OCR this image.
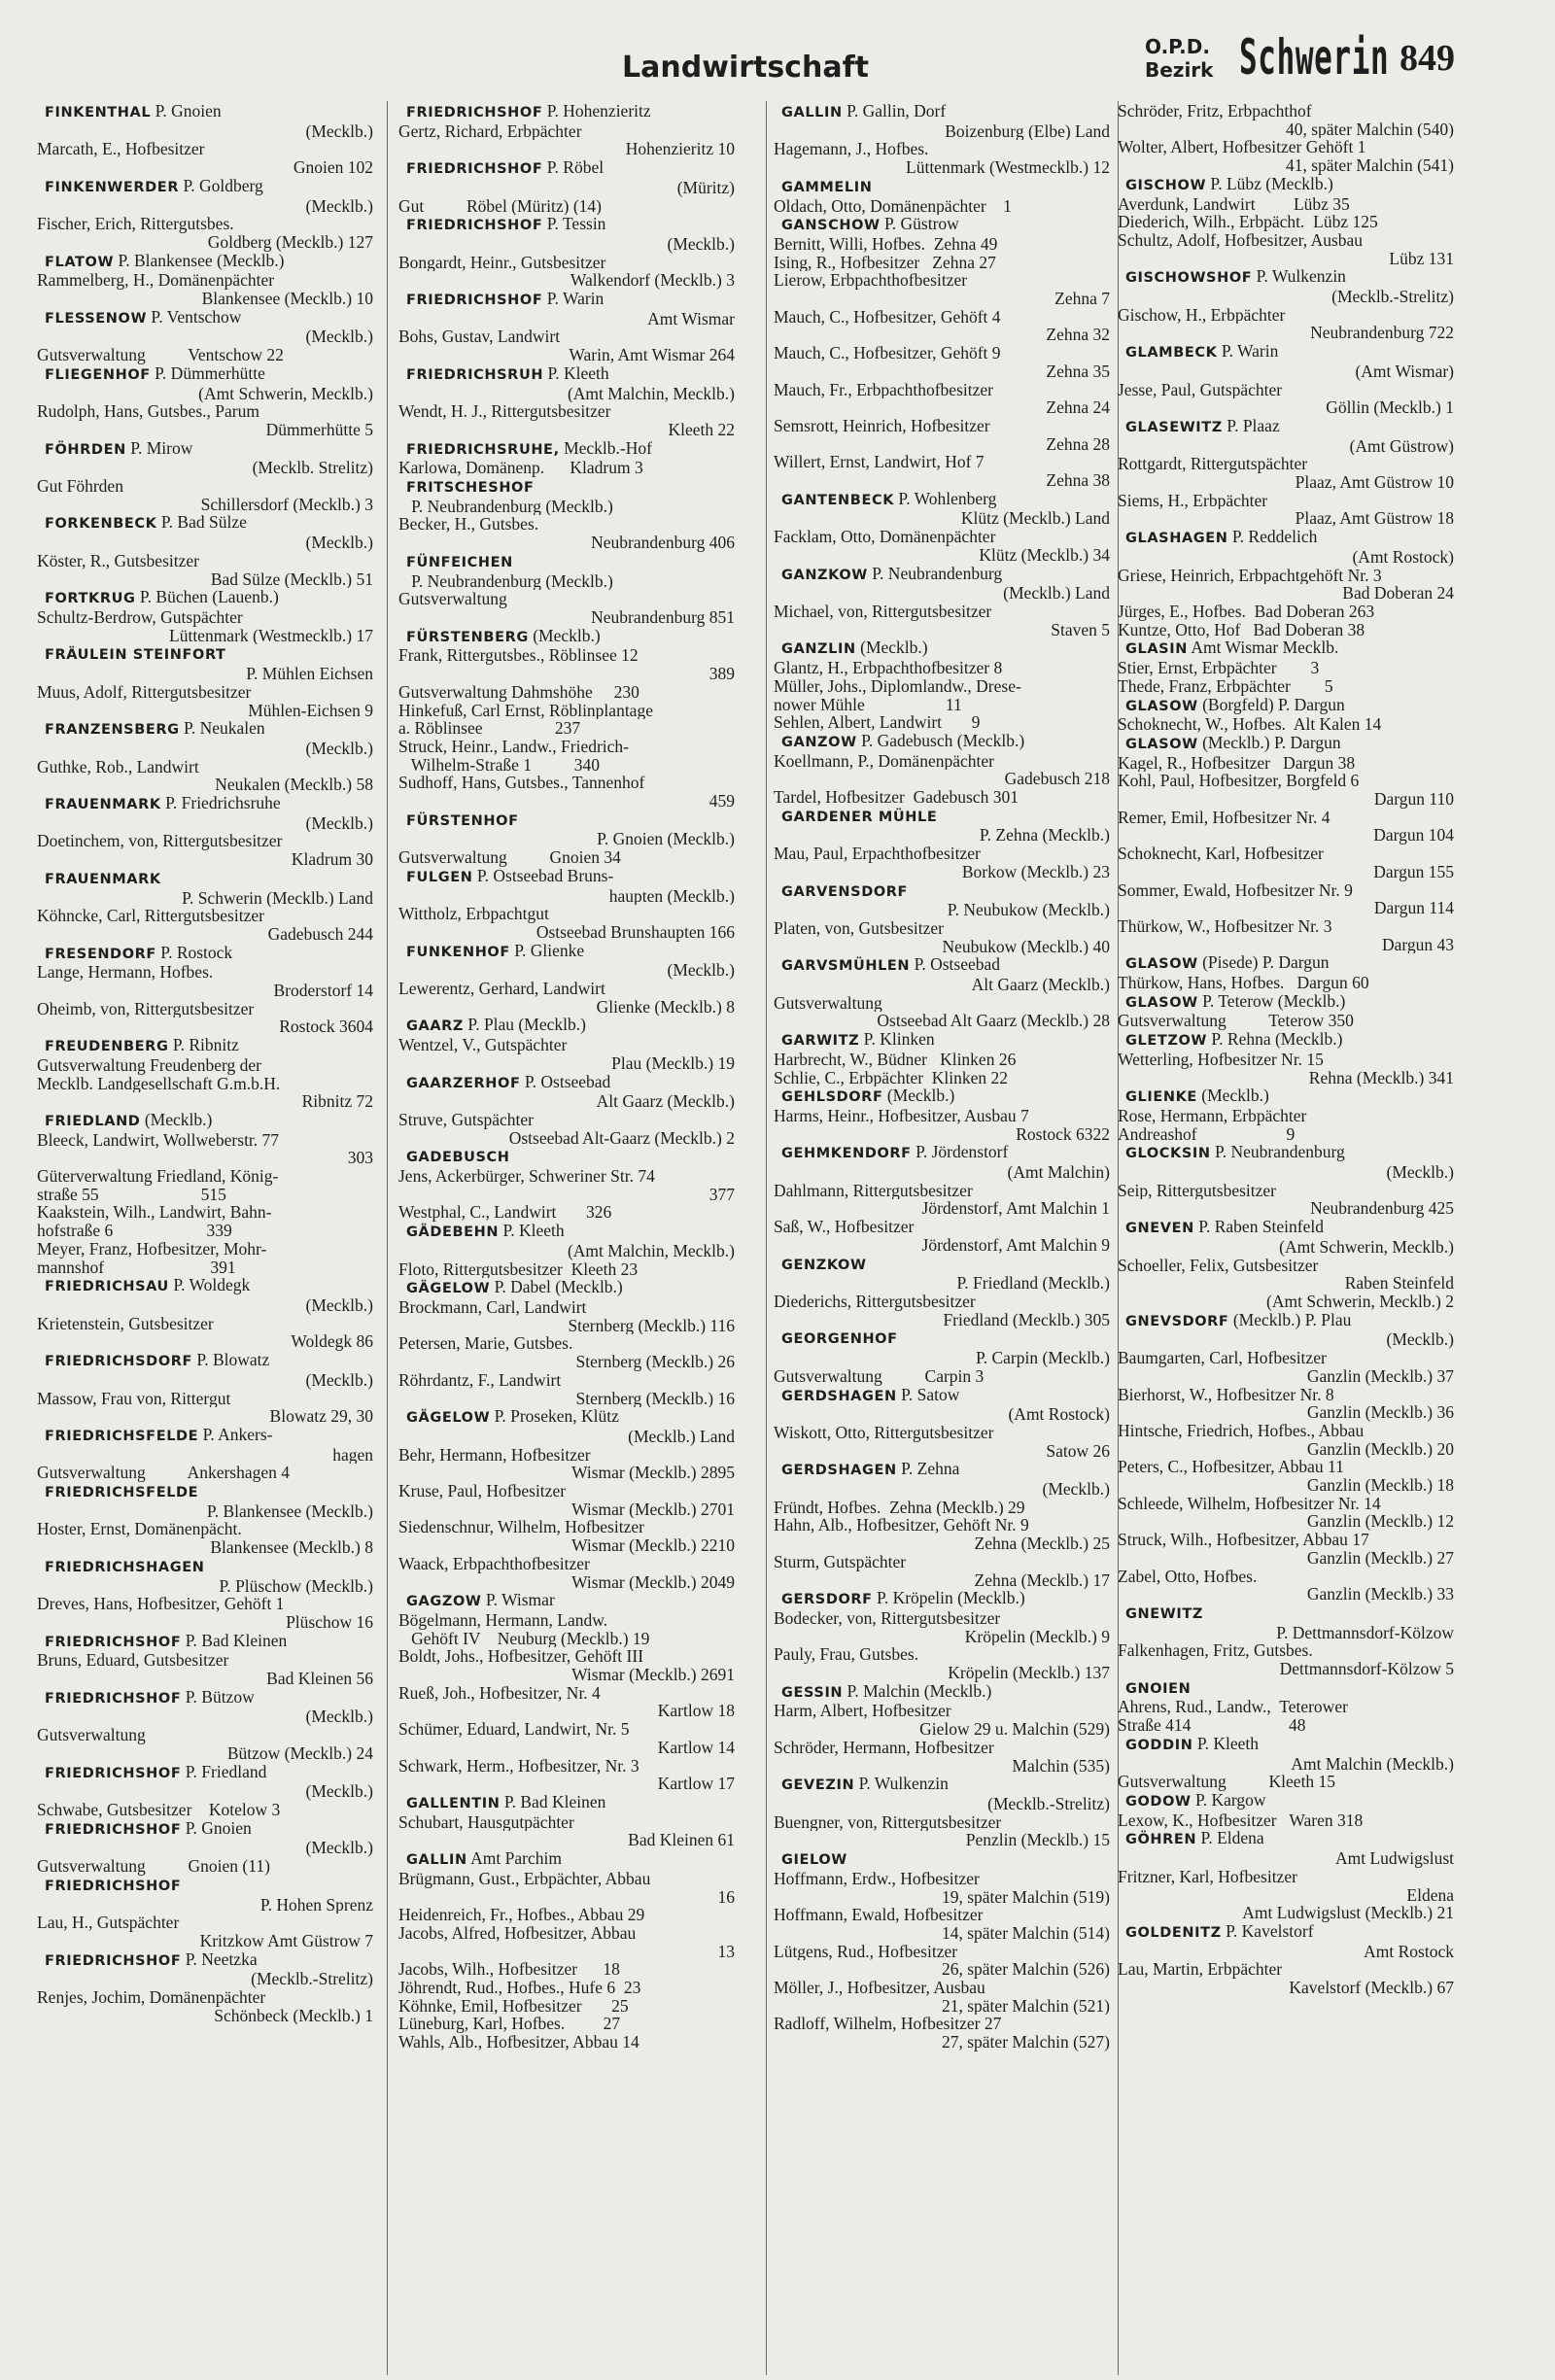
Landwirtschaft
O.P.D.
Bezirk Schwerin 849
FINKENTHAL P. Gnoien
(Mecklb.)
Marcath, E., Hofbesitzer
Gnoien 102
FINKENWERDER P. Goldberg
(Mecklb.)
Fischer, Erich, Rittergutsbes.
Goldberg (Mecklb.) 127
FLATOW P. Blankensee (Mecklb.)
Rammelberg, H., Domänenpächter
Blankensee (Mecklb.) 10
FLESSENOW P. Ventschow
(Mecklb.)
Gutsverwaltung          Ventschow 22
FLIEGENHOF P. Dümmerhütte
(Amt Schwerin, Mecklb.)
Rudolph, Hans, Gutsbes., Parum
Dümmerhütte 5
FÖHRDEN P. Mirow
(Mecklb. Strelitz)
Gut Föhrden
Schillersdorf (Mecklb.) 3
FORKENBECK P. Bad Sülze
(Mecklb.)
Köster, R., Gutsbesitzer
Bad Sülze (Mecklb.) 51
FORTKRUG P. Büchen (Lauenb.)
Schultz-Berdrow, Gutspächter
Lüttenmark (Westmecklb.) 17
FRÄULEIN STEINFORT
P. Mühlen Eichsen
Muus, Adolf, Rittergutsbesitzer
Mühlen-Eichsen 9
FRANZENSBERG P. Neukalen
(Mecklb.)
Guthke, Rob., Landwirt
Neukalen (Mecklb.) 58
FRAUENMARK P. Friedrichsruhe
(Mecklb.)
Doetinchem, von, Rittergutsbesitzer
Kladrum 30
FRAUENMARK
P. Schwerin (Mecklb.) Land
Köhncke, Carl, Rittergutsbesitzer
Gadebusch 244
FRESENDORF P. Rostock
Lange, Hermann, Hofbes.
Broderstorf 14
Oheimb, von, Rittergutsbesitzer
Rostock 3604
FREUDENBERG P. Ribnitz
Gutsverwaltung Freudenberg der
Mecklb. Landgesellschaft G.m.b.H.
Ribnitz 72
FRIEDLAND (Mecklb.)
Bleeck, Landwirt, Wollweberstr. 77
303
Güterverwaltung Friedland, König-
straße 55                        515
Kaakstein, Wilh., Landwirt, Bahn-
hofstraße 6                      339
Meyer, Franz, Hofbesitzer, Mohr-
mannshof                         391
FRIEDRICHSAU P. Woldegk
(Mecklb.)
Krietenstein, Gutsbesitzer
Woldegk 86
FRIEDRICHSDORF P. Blowatz
(Mecklb.)
Massow, Frau von, Rittergut
Blowatz 29, 30
FRIEDRICHSFELDE P. Ankers-
hagen
Gutsverwaltung          Ankershagen 4
FRIEDRICHSFELDE
P. Blankensee (Mecklb.)
Hoster, Ernst, Domänenpächt.
Blankensee (Mecklb.) 8
FRIEDRICHSHAGEN
P. Plüschow (Mecklb.)
Dreves, Hans, Hofbesitzer, Gehöft 1
Plüschow 16
FRIEDRICHSHOF P. Bad Kleinen
Bruns, Eduard, Gutsbesitzer
Bad Kleinen 56
FRIEDRICHSHOF P. Bützow
(Mecklb.)
Gutsverwaltung
Bützow (Mecklb.) 24
FRIEDRICHSHOF P. Friedland
(Mecklb.)
Schwabe, Gutsbesitzer    Kotelow 3
FRIEDRICHSHOF P. Gnoien
(Mecklb.)
Gutsverwaltung          Gnoien (11)
FRIEDRICHSHOF
P. Hohen Sprenz
Lau, H., Gutspächter
Kritzkow Amt Güstrow 7
FRIEDRICHSHOF P. Neetzka
(Mecklb.-Strelitz)
Renjes, Jochim, Domänenpächter
Schönbeck (Mecklb.) 1
FRIEDRICHSHOF P. Hohenzieritz
Gertz, Richard, Erbpächter
Hohenzieritz 10
FRIEDRICHSHOF P. Röbel
(Müritz)
Gut          Röbel (Müritz) (14)
FRIEDRICHSHOF P. Tessin
(Mecklb.)
Bongardt, Heinr., Gutsbesitzer
Walkendorf (Mecklb.) 3
FRIEDRICHSHOF P. Warin
Amt Wismar
Bohs, Gustav, Landwirt
Warin, Amt Wismar 264
FRIEDRICHSRUH P. Kleeth
(Amt Malchin, Mecklb.)
Wendt, H. J., Rittergutsbesitzer
Kleeth 22
FRIEDRICHSRUHE, Mecklb.-Hof
Karlowa, Domänenp.      Kladrum 3
FRITSCHESHOF
P. Neubrandenburg (Mecklb.)
Becker, H., Gutsbes.
Neubrandenburg 406
FÜNFEICHEN
P. Neubrandenburg (Mecklb.)
Gutsverwaltung
Neubrandenburg 851
FÜRSTENBERG (Mecklb.)
Frank, Rittergutsbes., Röblinsee 12
389
Gutsverwaltung Dahmshöhe     230
Hinkefuß, Carl Ernst, Röblinplantage
a. Röblinsee                 237
Struck, Heinr., Landw., Friedrich-
Wilhelm-Straße 1          340
Sudhoff, Hans, Gutsbes., Tannenhof
459
FÜRSTENHOF
P. Gnoien (Mecklb.)
Gutsverwaltung          Gnoien 34
FULGEN P. Ostseebad Bruns-
haupten (Mecklb.)
Wittholz, Erbpachtgut
Ostseebad Brunshaupten 166
FUNKENHOF P. Glienke
(Mecklb.)
Lewerentz, Gerhard, Landwirt
Glienke (Mecklb.) 8
GAARZ P. Plau (Mecklb.)
Wentzel, V., Gutspächter
Plau (Mecklb.) 19
GAARZERHOF P. Ostseebad
Alt Gaarz (Mecklb.)
Struve, Gutspächter
Ostseebad Alt-Gaarz (Mecklb.) 2
GADEBUSCH
Jens, Ackerbürger, Schweriner Str. 74
377
Westphal, C., Landwirt       326
GÄDEBEHN P. Kleeth
(Amt Malchin, Mecklb.)
Floto, Rittergutsbesitzer  Kleeth 23
GÄGELOW P. Dabel (Mecklb.)
Brockmann, Carl, Landwirt
Sternberg (Mecklb.) 116
Petersen, Marie, Gutsbes.
Sternberg (Mecklb.) 26
Röhrdantz, F., Landwirt
Sternberg (Mecklb.) 16
GÄGELOW P. Proseken, Klütz
(Mecklb.) Land
Behr, Hermann, Hofbesitzer
Wismar (Mecklb.) 2895
Kruse, Paul, Hofbesitzer
Wismar (Mecklb.) 2701
Siedenschnur, Wilhelm, Hofbesitzer
Wismar (Mecklb.) 2210
Waack, Erbpachthofbesitzer
Wismar (Mecklb.) 2049
GAGZOW P. Wismar
Bögelmann, Hermann, Landw.
Gehöft IV    Neuburg (Mecklb.) 19
Boldt, Johs., Hofbesitzer, Gehöft III
Wismar (Mecklb.) 2691
Rueß, Joh., Hofbesitzer, Nr. 4
Kartlow 18
Schümer, Eduard, Landwirt, Nr. 5
Kartlow 14
Schwark, Herm., Hofbesitzer, Nr. 3
Kartlow 17
GALLENTIN P. Bad Kleinen
Schubart, Hausgutpächter
Bad Kleinen 61
GALLIN Amt Parchim
Brügmann, Gust., Erbpächter, Abbau
16
Heidenreich, Fr., Hofbes., Abbau 29
Jacobs, Alfred, Hofbesitzer, Abbau
13
Jacobs, Wilh., Hofbesitzer      18
Jöhrendt, Rud., Hofbes., Hufe 6  23
Köhnke, Emil, Hofbesitzer       25
Lüneburg, Karl, Hofbes.         27
Wahls, Alb., Hofbesitzer, Abbau 14
GALLIN P. Gallin, Dorf
Boizenburg (Elbe) Land
Hagemann, J., Hofbes.
Lüttenmark (Westmecklb.) 12
GAMMELIN
Oldach, Otto, Domänenpächter    1
GANSCHOW P. Güstrow
Bernitt, Willi, Hofbes.  Zehna 49
Ising, R., Hofbesitzer   Zehna 27
Lierow, Erbpachthofbesitzer
Zehna 7
Mauch, C., Hofbesitzer, Gehöft 4
Zehna 32
Mauch, C., Hofbesitzer, Gehöft 9
Zehna 35
Mauch, Fr., Erbpachthofbesitzer
Zehna 24
Semsrott, Heinrich, Hofbesitzer
Zehna 28
Willert, Ernst, Landwirt, Hof 7
Zehna 38
GANTENBECK P. Wohlenberg
Klütz (Mecklb.) Land
Facklam, Otto, Domänenpächter
Klütz (Mecklb.) 34
GANZKOW P. Neubrandenburg
(Mecklb.) Land
Michael, von, Rittergutsbesitzer
Staven 5
GANZLIN (Mecklb.)
Glantz, H., Erbpachthofbesitzer 8
Müller, Johs., Diplomlandw., Drese-
nower Mühle                   11
Sehlen, Albert, Landwirt       9
GANZOW P. Gadebusch (Mecklb.)
Koellmann, P., Domänenpächter
Gadebusch 218
Tardel, Hofbesitzer  Gadebusch 301
GARDENER MÜHLE
P. Zehna (Mecklb.)
Mau, Paul, Erpachthofbesitzer
Borkow (Mecklb.) 23
GARVENSDORF
P. Neubukow (Mecklb.)
Platen, von, Gutsbesitzer
Neubukow (Mecklb.) 40
GARVSMÜHLEN P. Ostseebad
Alt Gaarz (Mecklb.)
Gutsverwaltung
Ostseebad Alt Gaarz (Mecklb.) 28
GARWITZ P. Klinken
Harbrecht, W., Büdner   Klinken 26
Schlie, C., Erbpächter  Klinken 22
GEHLSDORF (Mecklb.)
Harms, Heinr., Hofbesitzer, Ausbau 7
Rostock 6322
GEHMKENDORF P. Jördenstorf
(Amt Malchin)
Dahlmann, Rittergutsbesitzer
Jördenstorf, Amt Malchin 1
Saß, W., Hofbesitzer
Jördenstorf, Amt Malchin 9
GENZKOW
P. Friedland (Mecklb.)
Diederichs, Rittergutsbesitzer
Friedland (Mecklb.) 305
GEORGENHOF
P. Carpin (Mecklb.)
Gutsverwaltung          Carpin 3
GERDSHAGEN P. Satow
(Amt Rostock)
Wiskott, Otto, Rittergutsbesitzer
Satow 26
GERDSHAGEN P. Zehna
(Mecklb.)
Fründt, Hofbes.  Zehna (Mecklb.) 29
Hahn, Alb., Hofbesitzer, Gehöft Nr. 9
Zehna (Mecklb.) 25
Sturm, Gutspächter
Zehna (Mecklb.) 17
GERSDORF P. Kröpelin (Mecklb.)
Bodecker, von, Rittergutsbesitzer
Kröpelin (Mecklb.) 9
Pauly, Frau, Gutsbes.
Kröpelin (Mecklb.) 137
GESSIN P. Malchin (Mecklb.)
Harm, Albert, Hofbesitzer
Gielow 29 u. Malchin (529)
Schröder, Hermann, Hofbesitzer
Malchin (535)
GEVEZIN P. Wulkenzin
(Mecklb.-Strelitz)
Buengner, von, Rittergutsbesitzer
Penzlin (Mecklb.) 15
GIELOW
Hoffmann, Erdw., Hofbesitzer
19, später Malchin (519)
Hoffmann, Ewald, Hofbesitzer
14, später Malchin (514)
Lütgens, Rud., Hofbesitzer
26, später Malchin (526)
Möller, J., Hofbesitzer, Ausbau
21, später Malchin (521)
Radloff, Wilhelm, Hofbesitzer 27
27, später Malchin (527)
Schröder, Fritz, Erbpachthof
40, später Malchin (540)
Wolter, Albert, Hofbesitzer Gehöft 1
41, später Malchin (541)
GISCHOW P. Lübz (Mecklb.)
Averdunk, Landwirt         Lübz 35
Diederich, Wilh., Erbpächt.  Lübz 125
Schultz, Adolf, Hofbesitzer, Ausbau
Lübz 131
GISCHOWSHOF P. Wulkenzin
(Mecklb.-Strelitz)
Gischow, H., Erbpächter
Neubrandenburg 722
GLAMBECK P. Warin
(Amt Wismar)
Jesse, Paul, Gutspächter
Göllin (Mecklb.) 1
GLASEWITZ P. Plaaz
(Amt Güstrow)
Rottgardt, Rittergutspächter
Plaaz, Amt Güstrow 10
Siems, H., Erbpächter
Plaaz, Amt Güstrow 18
GLASHAGEN P. Reddelich
(Amt Rostock)
Griese, Heinrich, Erbpachtgehöft Nr. 3
Bad Doberan 24
Jürges, E., Hofbes.  Bad Doberan 263
Kuntze, Otto, Hof   Bad Doberan 38
GLASIN Amt Wismar Mecklb.
Stier, Ernst, Erbpächter        3
Thede, Franz, Erbpächter        5
GLASOW (Borgfeld) P. Dargun
Schoknecht, W., Hofbes.  Alt Kalen 14
GLASOW (Mecklb.) P. Dargun
Kagel, R., Hofbesitzer   Dargun 38
Kohl, Paul, Hofbesitzer, Borgfeld 6
Dargun 110
Remer, Emil, Hofbesitzer Nr. 4
Dargun 104
Schoknecht, Karl, Hofbesitzer
Dargun 155
Sommer, Ewald, Hofbesitzer Nr. 9
Dargun 114
Thürkow, W., Hofbesitzer Nr. 3
Dargun 43
GLASOW (Pisede) P. Dargun
Thürkow, Hans, Hofbes.   Dargun 60
GLASOW P. Teterow (Mecklb.)
Gutsverwaltung          Teterow 350
GLETZOW P. Rehna (Mecklb.)
Wetterling, Hofbesitzer Nr. 15
Rehna (Mecklb.) 341
GLIENKE (Mecklb.)
Rose, Hermann, Erbpächter
Andreashof                     9
GLOCKSIN P. Neubrandenburg
(Mecklb.)
Seip, Rittergutsbesitzer
Neubrandenburg 425
GNEVEN P. Raben Steinfeld
(Amt Schwerin, Mecklb.)
Schoeller, Felix, Gutsbesitzer
Raben Steinfeld
(Amt Schwerin, Mecklb.) 2
GNEVSDORF (Mecklb.) P. Plau
(Mecklb.)
Baumgarten, Carl, Hofbesitzer
Ganzlin (Mecklb.) 37
Bierhorst, W., Hofbesitzer Nr. 8
Ganzlin (Mecklb.) 36
Hintsche, Friedrich, Hofbes., Abbau
Ganzlin (Mecklb.) 20
Peters, C., Hofbesitzer, Abbau 11
Ganzlin (Mecklb.) 18
Schleede, Wilhelm, Hofbesitzer Nr. 14
Ganzlin (Mecklb.) 12
Struck, Wilh., Hofbesitzer, Abbau 17
Ganzlin (Mecklb.) 27
Zabel, Otto, Hofbes.
Ganzlin (Mecklb.) 33
GNEWITZ
P. Dettmannsdorf-Kölzow
Falkenhagen, Fritz, Gutsbes.
Dettmannsdorf-Kölzow 5
GNOIEN
Ahrens, Rud., Landw.,  Teterower
Straße 414                       48
GODDIN P. Kleeth
Amt Malchin (Mecklb.)
Gutsverwaltung          Kleeth 15
GODOW P. Kargow
Lexow, K., Hofbesitzer   Waren 318
GÖHREN P. Eldena
Amt Ludwigslust
Fritzner, Karl, Hofbesitzer
Eldena
Amt Ludwigslust (Mecklb.) 21
GOLDENITZ P. Kavelstorf
Amt Rostock
Lau, Martin, Erbpächter
Kavelstorf (Mecklb.) 67
